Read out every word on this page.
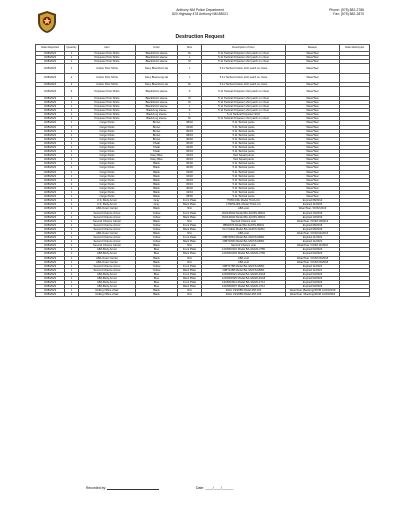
Anthony NM Police Department
820 Highway 478 Anthony NM 88021
Phone: (575) 882-2786
Fax: (575) 882-2870
Destruction Request
Date Reported	Quantity	Item	Color	Size	Description of Item	Reason	Date Destroyed
3/28/2023	1	Polyester Polo Shirts	Black/short sleeve	XL	5.11 Tactical Polyester shirt patch on chest	Wear/Tear	
3/28/2023	1	Polyester Polo Shirts	Black/short sleeve	L	5.11 Tactical Polyester shirt patch on chest	Wear/Tear	
3/28/2023	1	Polyester Polo Shirts	Black/short sleeve	M	5.11 Tactical Polyester shirt patch on chest	Wear/Tear	
3/28/2023	1	Cotton Polo Shirts	Navy Blue/short sle	L	5.11 Tactical Cotton shirt patch on chest	Wear/Tear	
3/28/2023	2	Cotton Polo Shirts	Navy Blue/Long sle	L	5.11 Tactical Cotton shirt patch on chest	Wear/Tear	
3/28/2023	2	Cotton Polo Shirts	Navy Blue/short sle	XL	5.11 Tactical Cotton shirt patch on chest	Wear/Tear	
3/28/2023	6	Polyester Polo Shirts	Black/short sleeve	S	5.11 Tactical Polyester shirt patch on chest	Wear/Tear	
3/28/2023	1	Polyester Polo Shirts	Black/short sleeve	M	5.11 Tactical Polyester shirt patch on chest	Wear/Tear	
3/28/2023	1	Polyester Polo Shirts	Black/short sleeve	XL	5.11 Tactical Polyester shirt patch on chest	Wear/Tear	
3/28/2023	1	Polyester Polo Shirts	Black/short sleeve	L	5.11 Tactical Polyester shirt patch on chest	Wear/Tear	
3/28/2023	1	Polyester Polo Shirts	Black/Lng sleeve	S	5.11 Tactical Polyester shirt patch on chest	Wear/Tear	
3/28/2023	1	Polyester Polo Shirts	Black/Lng sleeve	L	5.11 Tactical Polyester Shirt	Wear/Tear	
3/28/2023	1	Polyester Polo Shirts	Black/Lng sleeve	XL	5.11 Tactical Polyester shirt patch on chest	Wear/Tear	
3/28/2023	1	Cargo Pants	Brown	38/32	5.11 Tactical pants	Wear/Tear	
3/28/2023	1	Cargo Pants	Brown	32/30	5.11 Tactical pants	Wear/Tear	
3/28/2023	1	Cargo Pants	Brown	36/34	5.11 Tactical pants	Wear/Tear	
3/28/2023	1	Cargo Pants	Brown	38/34	5.11 Tactical pants	Wear/Tear	
3/28/2023	1	Cargo Pants	Brown	40/32	5.11 Tactical pants	Wear/Tear	
3/28/2023	1	Cargo Pants	Khaki	30/30	5.11 Tactical pants	Wear/Tear	
3/28/2023	1	Cargo Pants	Khaki	32/30	5.11 Tactical pants	Wear/Tear	
3/28/2023	1	Cargo Pants	Khaki	36/34	5.11 Tactical pants	Wear/Tear	
3/28/2023	1	Cargo Pants	Navy Blue	34/34	Tact Squad pants	Wear/Tear	
3/28/2023	1	Cargo Pants	Navy Blue	36/34	Tact Squad pants	Wear/Tear	
3/28/2023	1	Cargo Pants	Black	30/30	5.11 Tactical pants	Wear/Tear	
3/28/2023	1	Cargo Pants	Black	30/36	5.11 Tactical pants	Wear/Tear	
3/28/2023	1	Cargo Pants	Black	32/30	5.11 Tactical pants	Wear/Tear	
3/28/2023	1	Cargo Pants	Black	32/32	5.11 Tactical pants	Wear/Tear	
3/28/2023	1	Cargo Pants	Black	32/34	5.11 Tactical pants	Wear/Tear	
3/28/2023	2	Cargo Pants	Black	36/34	5.11 Tactical pants	Wear/Tear	
3/28/2023	1	Cargo Pants	Black	40/32	5.11 Tactical pants	Wear/Tear	
3/28/2023	1	Cargo Pants	Black	42/34	5.11 Tactical pants	Wear/Tear	
3/28/2023	1	Cargo Pants	Black	38/30	5.11 Tactical pants	Wear/Tear	
3/28/2023	1	U.S. Body Armor	Gray	Front Plate	75053-0DL Model TF2A-CC	Expired 08/2014	
3/28/2023	1	U.S. Body Armor	Gray	Back Plate	175053-0DL Model TF3A-CC	Expired 11/2015	
3/28/2023	1	ABA Outer Carrier	Black	N/A	ABA vest	Wear/Tear / DOM 2013	
3/28/2023	1	Second Chance Armor	Yellow	Front Plate	3GOH0042 Model BA-3AX0S-MR01	Expired 10/2019	
3/28/2023	1	Second Chance Armor	Yellow	Back Plate	3GOH0042 Model BA-3AX0S-MR01	Expired 10/2019	
3/28/2023	1	Second Chance Carrier	Black	N/A	Second Chance vest	Wear/Tear / DOM 10/2013	
3/28/2023	1	Second Chance Armor	Yellow	Front Plate	3BM0076 Model BA-3A0XS-MR01	Expired 08/2016	
3/28/2023	1	Second Chance Armor	Yellow	Back Plate	Not Visible Model BA-3A0XS-SM01	Expired 08/2016	
3/28/2023	1	ABA Outer Carrier	Black	N/A	ABA vest	Wear/Tear / DOM 04/2016	
3/28/2023	1	Second Chance Armor	Yellow	Front Plate	20BT1891 Model BA-3A0XS-MR01	Expired 11/2021	
3/28/2023	1	Second Chance Armor	Yellow	Back Plate	20BT1800 Model BA-3A0XS-MR01	Expired 11/2021	
3/28/2023	1	Second Chance Carrier	Black	N/A	Second Chance vest	Wear/Tear / DOM 11/2016	
3/28/2023	1	ABA Body Armor	Blue	Front Plate	1218004301 Model BA-3A020-4759	Expired 03/2023	
3/28/2023	1	ABA Body Armor	Blue	Back Plate	1218004303 Model BA-3A020-4759	Expired 03/2023	
3/28/2023	1	ABA Outer Carrier	Black	N/A	ABA vest	Wear/Tear / DOM 03/2018	
3/28/2023	1	ABA Outer Carrier	Black	N/A	ABA vest	Wear/Tear / DOM 03/2018	
3/28/2023	1	Second Chance Armor	Yellow	Front Plate	20BT1788 Model BA-3A0XS-MR01	Expired 11/2021	
3/28/2023	1	Second Chance Armor	Yellow	Back Plate	20BT1288 Model BA-3A0XS-MR01	Expired 11/2021	
3/28/2023	1	ABA Body Armor	Blue	Front Plate	1218003321 Model BA-3A020-4S18	Expired 03/2023	
3/28/2023	1	ABA Body Armor	Blue	Back Plate	1218003325 Model BA-3A020-4S18	Expired 03/2023	
3/28/2023	1	ABA Body Armor	Blue	Front Plate	1218003611 Model BA-3A020-4714	Expired 03/2023	
3/28/2023	1	ABA Body Armor	Blue	Back Plate	1218003607 Model BA-3A020-4714	Expired 03/2023	
3/28/2023	1	Rolling Office Chair	Black	N/A	RoM- 19/2086 Model RM-109	Wear/Tear (Backing)/DOM 12/23/2019	
3/28/2023	1	Rolling Office Chair	Black	N/A	RoM- 19/2085 Model RM-109	Wear/Tear / Backing/DOM 12/23/2019	
Recorded by:	Date: ____/____/______
